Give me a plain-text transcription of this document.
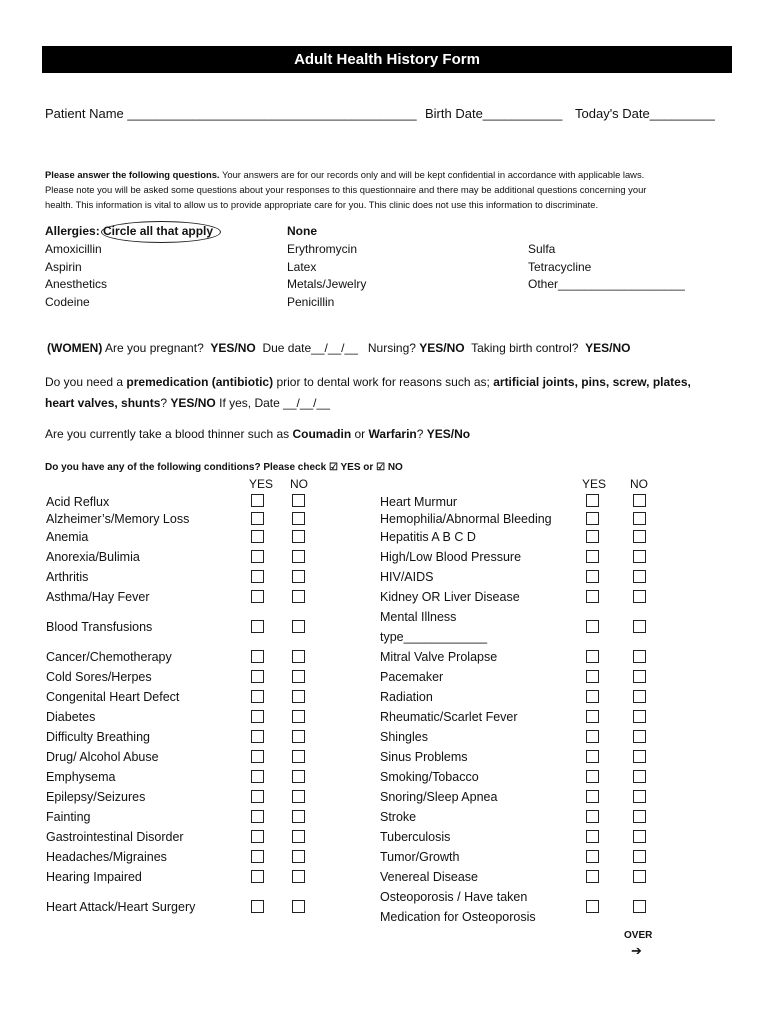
Adult Health History Form
Patient Name ________________________________________ Birth Date___________ Today's Date_________
Please answer the following questions. Your answers are for our records only and will be kept confidential in accordance with applicable laws.
Please note you will be asked some questions about your responses to this questionnaire and there may be additional questions concerning your
health. This information is vital to allow us to provide appropriate care for you. This clinic does not use this information to discriminate.
Allergies: Circle all that apply	None
Amoxicillin
Aspirin
Anesthetics
Codeine
Erythromycin
Latex
Metals/Jewelry
Penicillin
Sulfa
Tetracycline
Other___________________
(WOMEN) Are you pregnant? YES/NO Due date__/__/__ Nursing? YES/NO Taking birth control? YES/NO
Do you need a premedication (antibiotic) prior to dental work for reasons such as; artificial joints, pins, screw, plates,
heart valves, shunts? YES/NO If yes, Date __/__/__
Are you currently take a blood thinner such as Coumadin or Warfarin? YES/No
Do you have any of the following conditions? Please check ☑ YES or ☑ NO
YES NO	YES NO
Acid Reflux
Alzheimer’s/Memory Loss
Anemia
Anorexia/Bulimia
Arthritis
Asthma/Hay Fever
Blood Transfusions
Cancer/Chemotherapy
Cold Sores/Herpes
Congenital Heart Defect
Diabetes
Difficulty Breathing
Drug/ Alcohol Abuse
Emphysema
Epilepsy/Seizures
Fainting
Gastrointestinal Disorder
Headaches/Migraines
Hearing Impaired
Heart Attack/Heart Surgery
Heart Murmur
Hemophilia/Abnormal Bleeding
Hepatitis A B C D
High/Low Blood Pressure
HIV/AIDS
Kidney OR Liver Disease
Mental Illness
type____________
Mitral Valve Prolapse
Pacemaker
Radiation
Rheumatic/Scarlet Fever
Shingles
Sinus Problems
Smoking/Tobacco
Snoring/Sleep Apnea
Stroke
Tuberculosis
Tumor/Growth
Venereal Disease
Osteoporosis / Have taken
Medication for Osteoporosis
OVER
➔
